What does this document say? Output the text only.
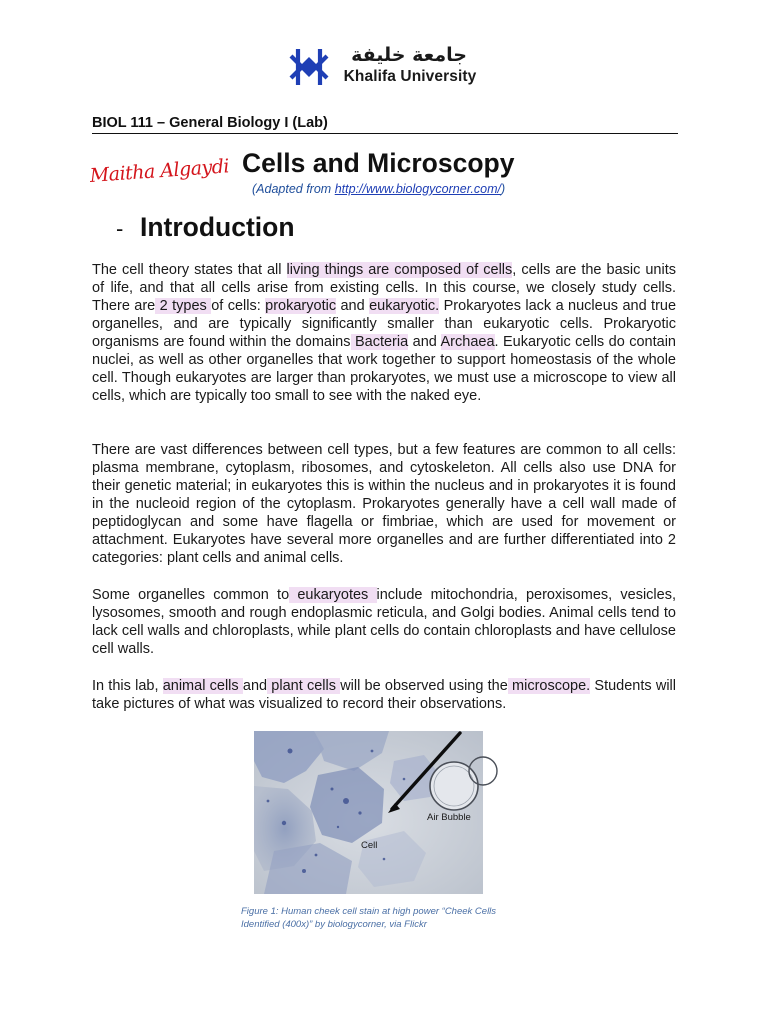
جامعة خليفة
Khalifa University
BIOL 111 – General Biology I (Lab)
Maitha Algaydi Cells and Microscopy
(Adapted from http://www.biologycorner.com/)
- Introduction

The cell theory states that all living things are composed of cells, cells are the basic units of life, and that all cells arise from existing cells. In this course, we closely study cells. There are 2 types of cells: prokaryotic and eukaryotic. Prokaryotes lack a nucleus and true organelles, and are typically significantly smaller than eukaryotic cells. Prokaryotic organisms are found within the domains Bacteria and Archaea. Eukaryotic cells do contain nuclei, as well as other organelles that work together to support homeostasis of the whole cell. Though eukaryotes are larger than prokaryotes, we must use a microscope to view all cells, which are typically too small to see with the naked eye.

There are vast differences between cell types, but a few features are common to all cells: plasma membrane, cytoplasm, ribosomes, and cytoskeleton. All cells also use DNA for their genetic material; in eukaryotes this is within the nucleus and in prokaryotes it is found in the nucleoid region of the cytoplasm. Prokaryotes generally have a cell wall made of peptidoglycan and some have flagella or fimbriae, which are used for movement or attachment. Eukaryotes have several more organelles and are further differentiated into 2 categories: plant cells and animal cells.

Some organelles common to eukaryotes include mitochondria, peroxisomes, vesicles, lysosomes, smooth and rough endoplasmic reticula, and Golgi bodies. Animal cells tend to lack cell walls and chloroplasts, while plant cells do contain chloroplasts and have cellulose cell walls.

In this lab, animal cells and plant cells will be observed using the microscope. Students will take pictures of what was visualized to record their observations.

Air Bubble
Cell
Figure 1: Human cheek cell stain at high power “Cheek Cells Identified (400x)” by biologycorner, via Flickr
